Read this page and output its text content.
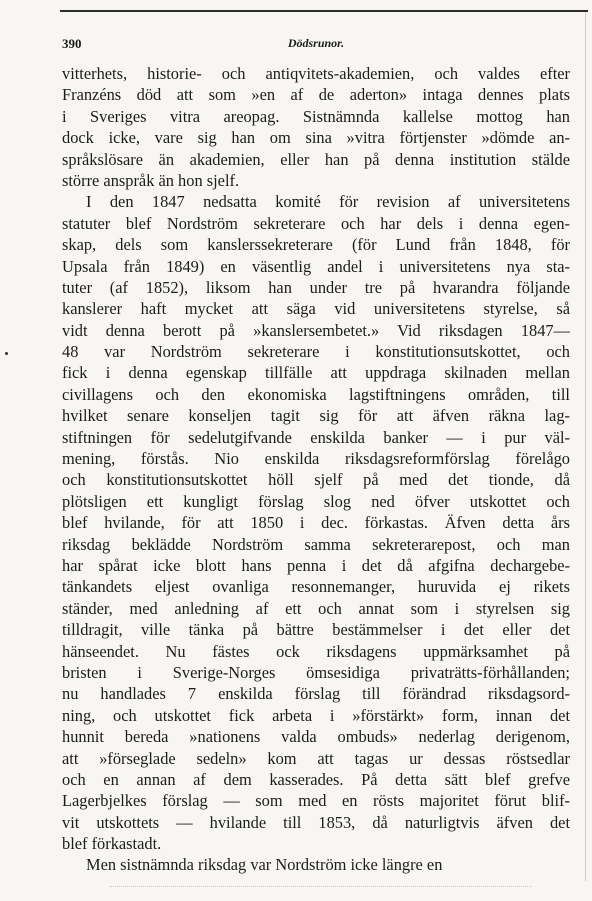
390	Dödsrunor.
vitterhets, historie- och antiqvitets-akademien, och valdes efter
Franzéns död att som »en af de aderton» intaga dennes plats
i Sveriges vitra areopag. Sistnämnda kallelse mottog han
dock icke, vare sig han om sina »vitra förtjenster »dömde an-
språkslösare än akademien, eller han på denna institution stälde
större anspråk än hon sjelf.
I den 1847 nedsatta komité för revision af universitetens
statuter blef Nordström sekreterare och har dels i denna egen-
skap, dels som kanslerssekreterare (för Lund från 1848, för
Upsala från 1849) en väsentlig andel i universitetens nya sta-
tuter (af 1852), liksom han under tre på hvarandra följande
kanslerer haft mycket att säga vid universitetens styrelse, så
vidt denna berott på »kanslersembetet.» Vid riksdagen 1847—
48 var Nordström sekreterare i konstitutionsutskottet, och
fick i denna egenskap tillfälle att uppdraga skilnaden mellan
civillagens och den ekonomiska lagstiftningens områden, till
hvilket senare konseljen tagit sig för att äfven räkna lag-
stiftningen för sedelutgifvande enskilda banker — i pur väl-
mening, förstås. Nio enskilda riksdagsreformförslag förelågo
och konstitutionsutskottet höll sjelf på med det tionde, då
plötsligen ett kungligt förslag slog ned öfver utskottet och
blef hvilande, för att 1850 i dec. förkastas. Äfven detta års
riksdag beklädde Nordström samma sekreterarepost, och man
har spårat icke blott hans penna i det då afgifna dechargebe-
tänkandets eljest ovanliga resonnemanger, huruvida ej rikets
ständer, med anledning af ett och annat som i styrelsen sig
tilldragit, ville tänka på bättre bestämmelser i det eller det
hänseendet. Nu fästes ock riksdagens uppmärksamhet på
bristen i Sverige-Norges ömsesidiga privaträtts-förhållanden;
nu handlades 7 enskilda förslag till förändrad riksdagsord-
ning, och utskottet fick arbeta i »förstärkt» form, innan det
hunnit bereda »nationens valda ombuds» nederlag derigenom,
att »förseglade sedeln» kom att tagas ur dessas röstsedlar
och en annan af dem kasserades. På detta sätt blef grefve
Lagerbjelkes förslag — som med en rösts majoritet förut blif-
vit utskottets — hvilande till 1853, då naturligtvis äfven det
blef förkastadt.
Men sistnämnda riksdag var Nordström icke längre en
